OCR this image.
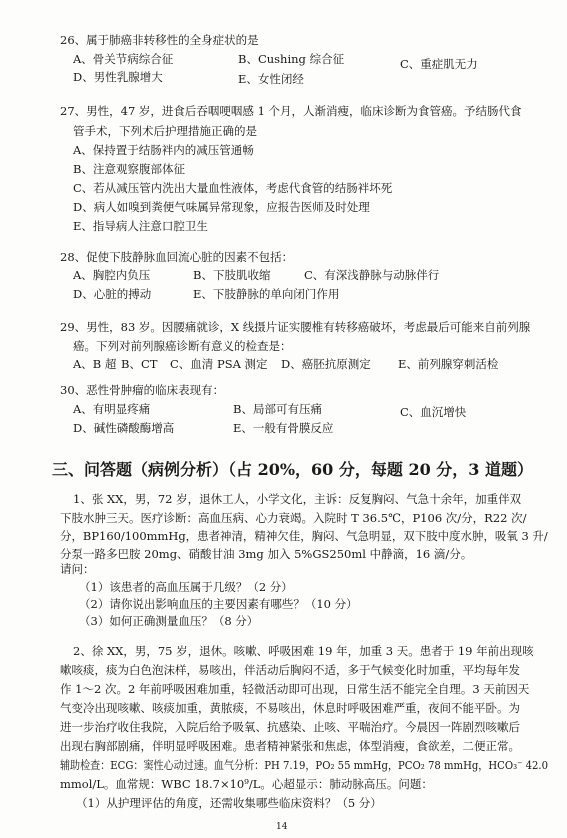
26、属于肺癌非转移性的全身症状的是
A、骨关节病综合征	B、Cushing 综合征	C、重症肌无力
D、男性乳腺增大	E、女性闭经
27、男性，47 岁，进食后吞咽哽咽感 1 个月，人渐消瘦，临床诊断为食管癌。予结肠代食
管手术，下列术后护理措施正确的是
A、保持置于结肠袢内的减压管通畅
B、注意观察腹部体征
C、若从减压管内洗出大量血性液体，考虑代食管的结肠袢坏死
D、病人如嗅到粪便气味属异常现象，应报告医师及时处理
E、指导病人注意口腔卫生
28、促使下肢静脉血回流心脏的因素不包括：
A、胸腔内负压	B、下肢肌收缩	C、有深浅静脉与动脉伴行
D、心脏的搏动	E、下肢静脉的单向闭门作用
29、男性，83 岁。因腰痛就诊，X 线摄片证实腰椎有转移癌破坏，考虑最后可能来自前列腺
癌。下列对前列腺癌诊断有意义的检查是：
A、B 超 B、CT C、血清 PSA 测定 D、癌胚抗原测定 E、前列腺穿刺活检
30、恶性骨肿瘤的临床表现有：
A、有明显疼痛	B、局部可有压痛	C、血沉增快
D、碱性磷酸酶增高	E、一般有骨膜反应
三、问答题（病例分析）（占 20%，60 分，每题 20 分，3 道题）
1、张 XX，男，72 岁，退休工人，小学文化，主诉：反复胸闷、气急十余年，加重伴双
下肢水肿三天。医疗诊断：高血压病、心力衰竭。入院时 T 36.5℃，P106 次/分，R22 次/
分，BP160/100mmHg，患者神清，精神欠佳，胸闷、气急明显，双下肢中度水肿，吸氧 3 升/
分泵一路多巴胺 20mg、硝酸甘油 3mg 加入 5%GS250ml 中静滴，16 滴/分。
请问：
（1）该患者的高血压属于几级？（2 分）
（2）请你说出影响血压的主要因素有哪些？（10 分）
（3）如何正确测量血压？（8 分）
2、徐 XX，男，75 岁，退休。咳嗽、呼吸困难 19 年，加重 3 天。患者于 19 年前出现咳
嗽咳痰，痰为白色泡沫样，易咳出，伴活动后胸闷不适，多于气候变化时加重，平均每年发
作 1～2 次。2 年前呼吸困难加重，轻微活动即可出现，日常生活不能完全自理。3 天前因天
气变冷出现咳嗽、咳痰加重，黄脓痰，不易咳出，休息时呼吸困难严重，夜间不能平卧。为
进一步治疗收住我院，入院后给予吸氧、抗感染、止咳、平喘治疗。今晨因一阵剧烈咳嗽后
出现右胸部剧痛，伴明显呼吸困难。患者精神紧张和焦虑，体型消瘦，食欲差，二便正常。
辅助检查：ECG：窦性心动过速。血气分析：PH 7.19，PO₂ 55 mmHg，PCO₂ 78 mmHg，HCO₃⁻ 42.0
mmol/L。血常规：WBC 18.7×10⁹/L。心超显示：肺动脉高压。问题：
（1）从护理评估的角度，还需收集哪些临床资料？（5 分）
14
